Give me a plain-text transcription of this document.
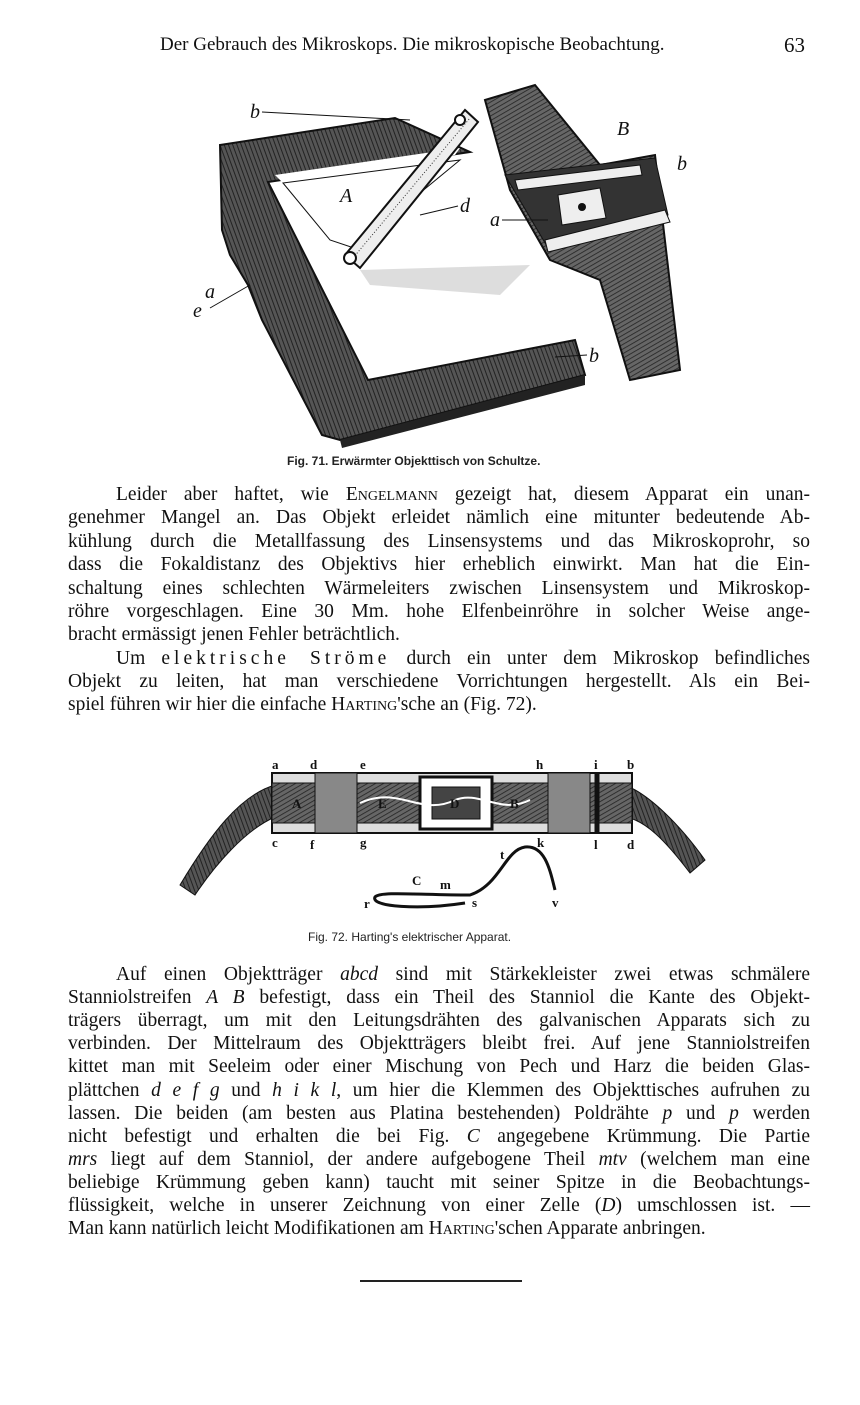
Der Gebrauch des Mikroskops. Die mikroskopische Beobachtung.	63
b
A
B
b
d
a
a
e
b
Fig. 71. Erwärmter Objekttisch von Schultze.
A	E	D	B
a d	e	h	i b
c f	g	k	l d
C m
t
r	s	v
Fig. 72. Harting's elektrischer Apparat.
Leider aber haftet, wie Engelmann gezeigt hat, diesem Apparat ein unan-
genehmer Mangel an. Das Objekt erleidet nämlich eine mitunter bedeutende Ab-
kühlung durch die Metallfassung des Linsensystems und das Mikroskoprohr, so
dass die Fokaldistanz des Objektivs hier erheblich einwirkt. Man hat die Ein-
schaltung eines schlechten Wärmeleiters zwischen Linsensystem und Mikroskop-
röhre vorgeschlagen. Eine 30 Mm. hohe Elfenbeinröhre in solcher Weise ange-
bracht ermässigt jenen Fehler beträchtlich.
Um elektrische Ströme durch ein unter dem Mikroskop befindliches
Objekt zu leiten, hat man verschiedene Vorrichtungen hergestellt. Als ein Bei-
spiel führen wir hier die einfache Harting'sche an (Fig. 72).
Auf einen Objektträger abcd sind mit Stärkekleister zwei etwas schmälere
Stanniolstreifen A B befestigt, dass ein Theil des Stanniol die Kante des Objekt-
trägers überragt, um mit den Leitungsdrähten des galvanischen Apparats sich zu
verbinden. Der Mittelraum des Objektträgers bleibt frei. Auf jene Stanniolstreifen
kittet man mit Seeleim oder einer Mischung von Pech und Harz die beiden Glas-
plättchen d e f g und h i k l, um hier die Klemmen des Objekttisches aufruhen zu
lassen. Die beiden (am besten aus Platina bestehenden) Poldrähte p und p werden
nicht befestigt und erhalten die bei Fig. C angegebene Krümmung. Die Partie
mrs liegt auf dem Stanniol, der andere aufgebogene Theil mtv (welchem man eine
beliebige Krümmung geben kann) taucht mit seiner Spitze in die Beobachtungs-
flüssigkeit, welche in unserer Zeichnung von einer Zelle (D) umschlossen ist. —
Man kann natürlich leicht Modifikationen am Harting'schen Apparate anbringen.
